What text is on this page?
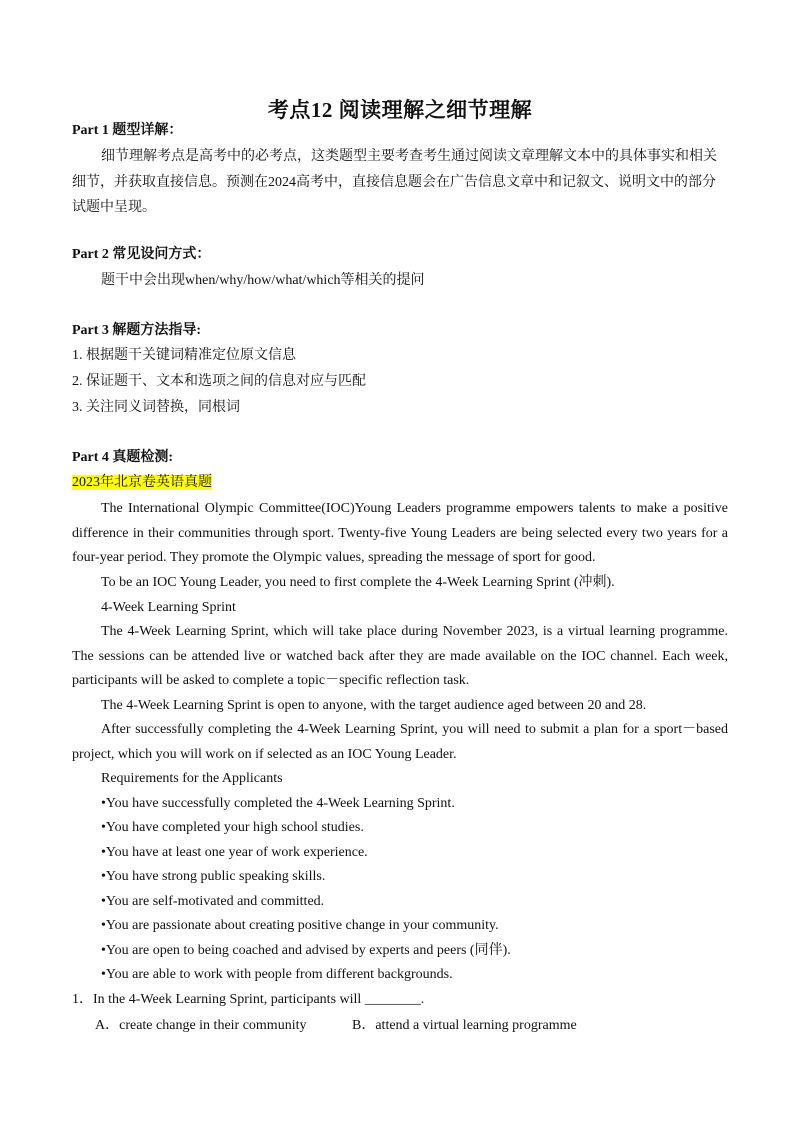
考点12 阅读理解之细节理解
Part 1 题型详解：
细节理解考点是高考中的必考点，这类题型主要考查考生通过阅读文章理解文本中的具体事实和相关
细节，并获取直接信息。预测在2024高考中，直接信息题会在广告信息文章中和记叙文、说明文中的部分
试题中呈现。
Part 2 常见设问方式：
题干中会出现when/why/how/what/which等相关的提问
Part 3 解题方法指导:
1. 根据题干关键词精准定位原文信息
2. 保证题干、文本和选项之间的信息对应与匹配
3. 关注同义词替换，同根词
Part 4 真题检测:
2023年北京卷英语真题
The International Olympic Committee(IOC)Young Leaders programme empowers talents to make a positive
difference in their communities through sport. Twenty-five Young Leaders are being selected every two years for a
four-year period. They promote the Olympic values, spreading the message of sport for good.
To be an IOC Young Leader, you need to first complete the 4-Week Learning Sprint (冲刺).
4-Week Learning Sprint
The 4-Week Learning Sprint, which will take place during November 2023, is a virtual learning programme.
The sessions can be attended live or watched back after they are made available on the IOC channel. Each week,
participants will be asked to complete a topic－specific reflection task.
The 4-Week Learning Sprint is open to anyone, with the target audience aged between 20 and 28.
After successfully completing the 4-Week Learning Sprint, you will need to submit a plan for a sport－based
project, which you will work on if selected as an IOC Young Leader.
Requirements for the Applicants
• You have successfully completed the 4-Week Learning Sprint.
• You have completed your high school studies.
• You have at least one year of work experience.
• You have strong public speaking skills.
• You are self-motivated and committed.
• You are passionate about creating positive change in your community.
• You are open to being coached and advised by experts and peers (同伴).
• You are able to work with people from different backgrounds.
1．In the 4-Week Learning Sprint, participants will ________.
A．create change in their community	B．attend a virtual learning programme
